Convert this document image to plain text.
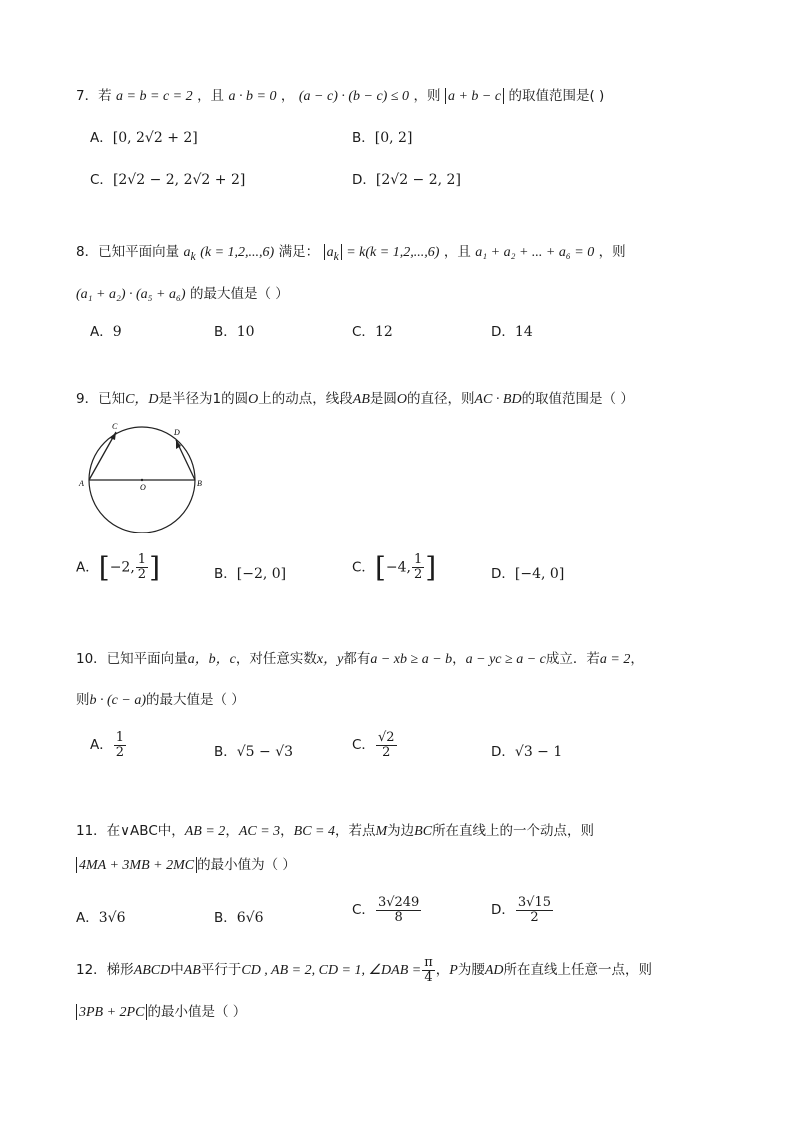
7．若 a = b = c = 2 ，且 a · b = 0 ， (a − c) · (b − c) ≤ 0 ，则 a + b − c 的取值范围是( )
A．[0, 2√2 + 2]	B．[0, 2]
C．[2√2 − 2, 2√2 + 2]	D．[2√2 − 2, 2]
8．已知平面向量 $a_k$ (k = 1,2,...,6) 满足： $a_k = k(k = 1,2,...,6)$ ，且 a₁ + a₂ + ... + a₆ = 0 ，则
(a₁ + a₂) · (a₅ + a₆) 的最大值是（ ）
A．9	B．10	C．12	D．14
9．已知C，D是半径为1的圆O上的动点，线段AB是圆O的直径，则AC · BD的取值范围是（ ）
A	B
C
D
O
A．[−2, $\frac{1}{2}$ ]	B．[−2, 0]	C．[−4, $\frac{1}{2}$ ]	D．[−4, 0]
10．已知平面向量a，b，c，对任意实数x，y都有a − xb ≥ a − b，a − yc ≥ a − c成立．若a = 2，
则b · (c − a)的最大值是（ ）
A． $\frac{1}{2}$	B．√5 − √3	C． $\frac{√2}{2}$	D．√3 − 1
11．在∨ABC中，AB = 2，AC = 3，BC = 4，若点M为边BC所在直线上的一个动点，则
4MA + 3MB + 2MC 的最小值为（ ）
A．3√6	B．6√6	C． $\frac{3√249}{8}$	D． $\frac{3√15}{2}$
12．梯形ABCD中AB平行于CD , AB = 2, CD = 1, ∠DAB = $\frac{\pi}{4}$ ，P为腰AD所在直线上任意一点，则
3PB + 2PC 的最小值是（ ）
